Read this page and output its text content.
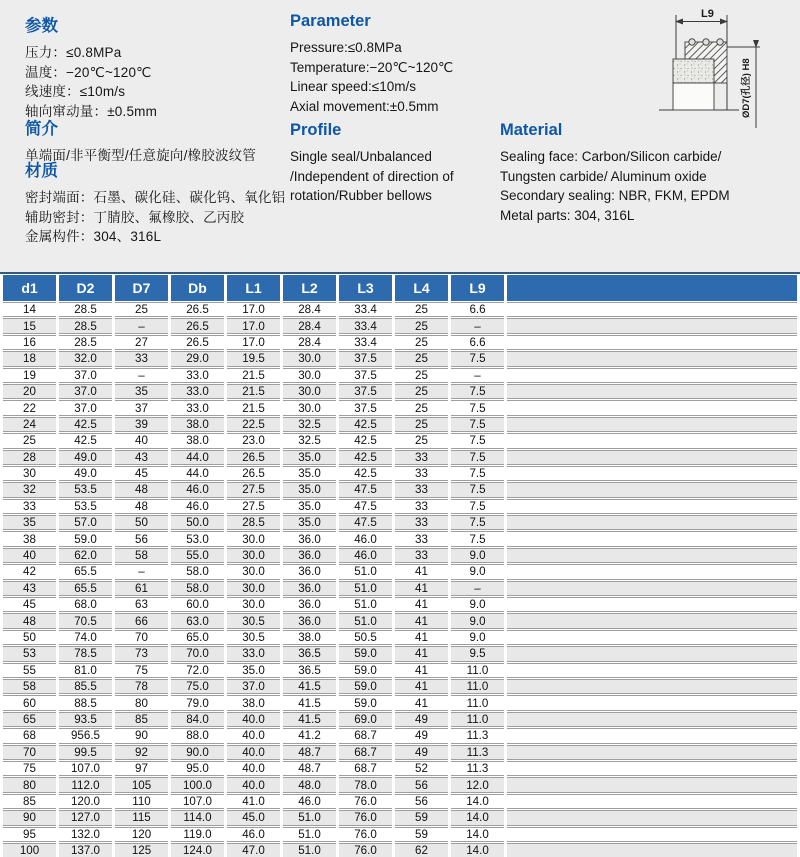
参数
压力：≤0.8MPa
温度：−20℃~120℃
线速度：≤10m/s
轴向窜动量：±0.5mm
Parameter
Pressure:≤0.8MPa
Temperature:−20℃~120℃
Linear speed:≤10m/s
Axial movement:±0.5mm
简介
单端面/非平衡型/任意旋向/橡胶波纹管
Profile
Single seal/Unbalanced
/Independent of direction of
rotation/Rubber bellows
Material
Sealing face: Carbon/Silicon carbide/
Tungsten carbide/ Aluminum oxide
Secondary sealing: NBR, FKM, EPDM
Metal parts: 304, 316L
材质
密封端面：石墨、碳化硅、碳化钨、氧化铝
辅助密封：丁腈胶、氟橡胶、乙丙胶
金属构件：304、316L
L9
ØD7(孔径) H8
d1	D2	D7	Db	L1	L2	L3	L4	L9	
14	28.5	25	26.5	17.0	28.4	33.4	25	6.6	
15	28.5	–	26.5	17.0	28.4	33.4	25	–	
16	28.5	27	26.5	17.0	28.4	33.4	25	6.6	
18	32.0	33	29.0	19.5	30.0	37.5	25	7.5	
19	37.0	–	33.0	21.5	30.0	37.5	25	–	
20	37.0	35	33.0	21.5	30.0	37.5	25	7.5	
22	37.0	37	33.0	21.5	30.0	37.5	25	7.5	
24	42.5	39	38.0	22.5	32.5	42.5	25	7.5	
25	42.5	40	38.0	23.0	32.5	42.5	25	7.5	
28	49.0	43	44.0	26.5	35.0	42.5	33	7.5	
30	49.0	45	44.0	26.5	35.0	42.5	33	7.5	
32	53.5	48	46.0	27.5	35.0	47.5	33	7.5	
33	53.5	48	46.0	27.5	35.0	47.5	33	7.5	
35	57.0	50	50.0	28.5	35.0	47.5	33	7.5	
38	59.0	56	53.0	30.0	36.0	46.0	33	7.5	
40	62.0	58	55.0	30.0	36.0	46.0	33	9.0	
42	65.5	–	58.0	30.0	36.0	51.0	41	9.0	
43	65.5	61	58.0	30.0	36.0	51.0	41	–	
45	68.0	63	60.0	30.0	36.0	51.0	41	9.0	
48	70.5	66	63.0	30.5	36.0	51.0	41	9.0	
50	74.0	70	65.0	30.5	38.0	50.5	41	9.0	
53	78.5	73	70.0	33.0	36.5	59.0	41	9.5	
55	81.0	75	72.0	35.0	36.5	59.0	41	11.0	
58	85.5	78	75.0	37.0	41.5	59.0	41	11.0	
60	88.5	80	79.0	38.0	41.5	59.0	41	11.0	
65	93.5	85	84.0	40.0	41.5	69.0	49	11.0	
68	956.5	90	88.0	40.0	41.2	68.7	49	11.3	
70	99.5	92	90.0	40.0	48.7	68.7	49	11.3	
75	107.0	97	95.0	40.0	48.7	68.7	52	11.3	
80	112.0	105	100.0	40.0	48.0	78.0	56	12.0	
85	120.0	110	107.0	41.0	46.0	76.0	56	14.0	
90	127.0	115	114.0	45.0	51.0	76.0	59	14.0	
95	132.0	120	119.0	46.0	51.0	76.0	59	14.0	
100	137.0	125	124.0	47.0	51.0	76.0	62	14.0	
